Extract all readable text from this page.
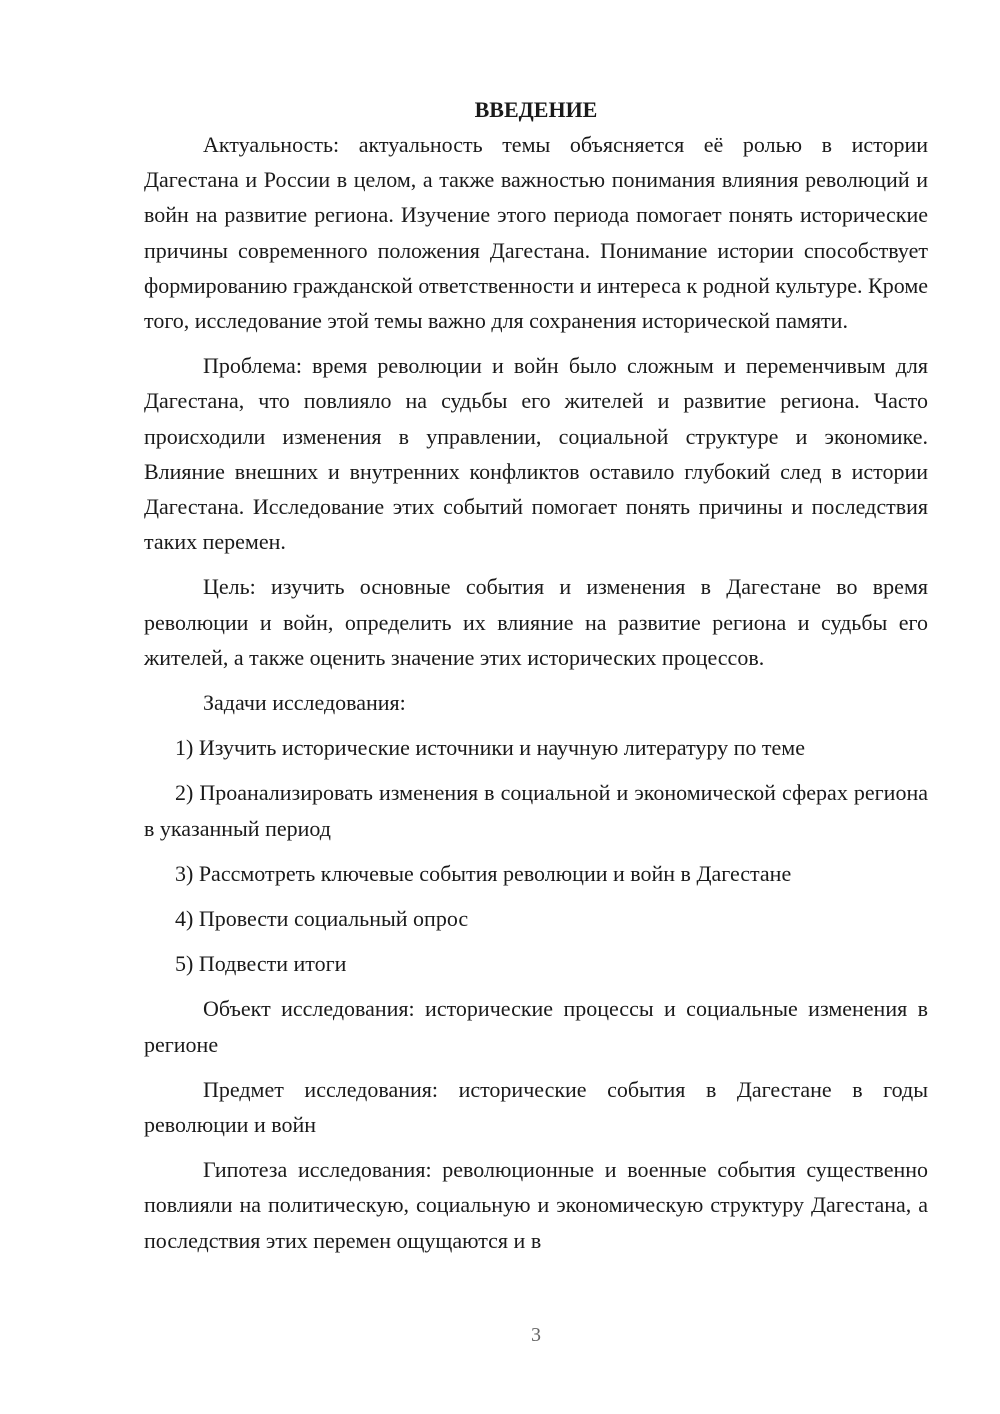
ВВЕДЕНИЕ

Актуальность: актуальность темы объясняется её ролью в истории Дагестана и России в целом, а также важностью понимания влияния революций и войн на развитие региона. Изучение этого периода помогает понять исторические причины современного положения Дагестана. Понимание истории способствует формированию гражданской ответственности и интереса к родной культуре. Кроме того, исследование этой темы важно для сохранения исторической памяти.

Проблема: время революции и войн было сложным и переменчивым для Дагестана, что повлияло на судьбы его жителей и развитие региона. Часто происходили изменения в управлении, социальной структуре и экономике. Влияние внешних и внутренних конфликтов оставило глубокий след в истории Дагестана. Исследование этих событий помогает понять причины и последствия таких перемен.

Цель: изучить основные события и изменения в Дагестане во время революции и войн, определить их влияние на развитие региона и судьбы его жителей, а также оценить значение этих исторических процессов.

Задачи исследования:

1) Изучить исторические источники и научную литературу по теме

2) Проанализировать изменения в социальной и экономической сферах региона в указанный период

3) Рассмотреть ключевые события революции и войн в Дагестане

4) Провести социальный опрос

5) Подвести итоги

Объект исследования: исторические процессы и социальные изменения в регионе

Предмет исследования: исторические события в Дагестане в годы революции и войн

Гипотеза исследования: революционные и военные события существенно повлияли на политическую, социальную и экономическую структуру Дагестана, а последствия этих перемен ощущаются и в

3
